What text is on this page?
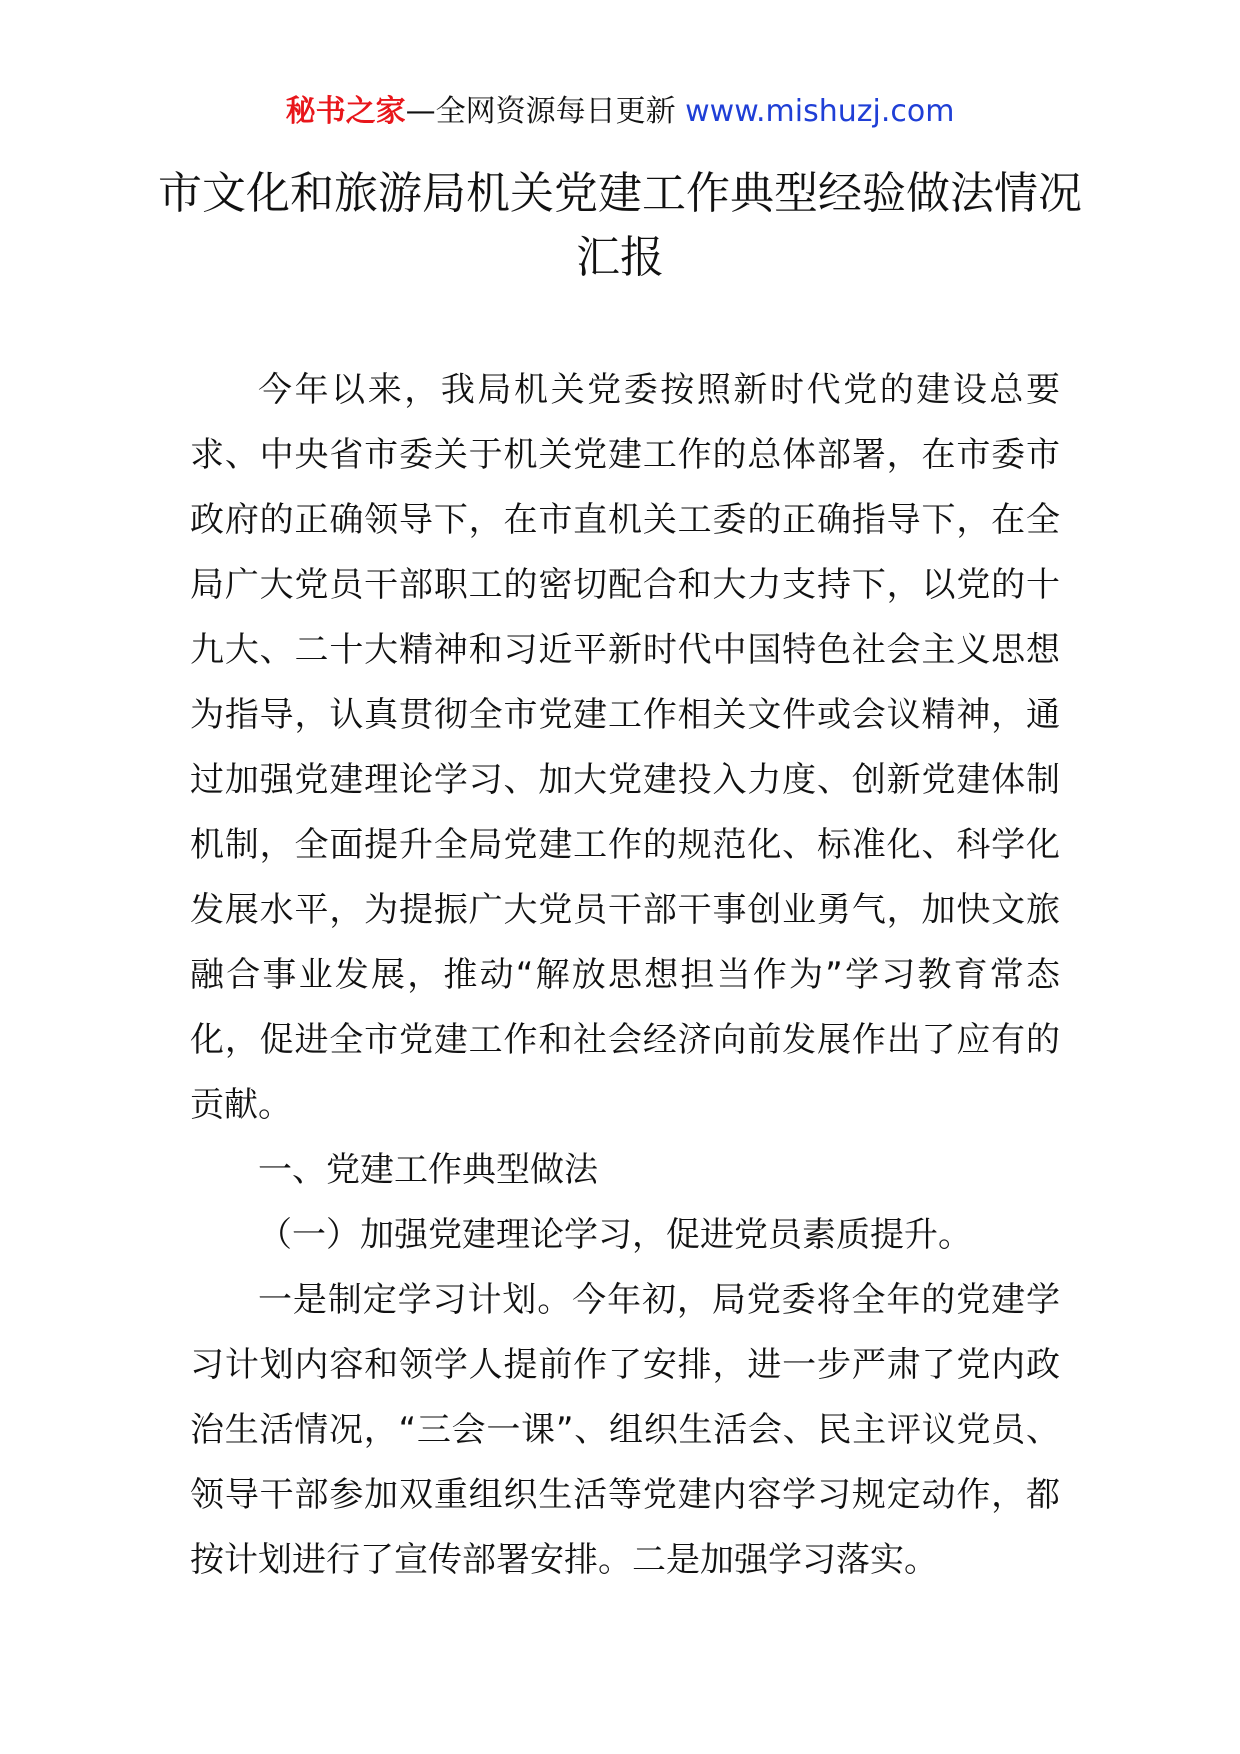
秘书之家—全网资源每日更新 www.mishuzj.com
市文化和旅游局机关党建工作典型经验做法情况汇报

今年以来，我局机关党委按照新时代党的建设总要求、中央省市委关于机关党建工作的总体部署，在市委市政府的正确领导下，在市直机关工委的正确指导下，在全局广大党员干部职工的密切配合和大力支持下，以党的十九大、二十大精神和习近平新时代中国特色社会主义思想为指导，认真贯彻全市党建工作相关文件或会议精神，通过加强党建理论学习、加大党建投入力度、创新党建体制机制，全面提升全局党建工作的规范化、标准化、科学化发展水平，为提振广大党员干部干事创业勇气，加快文旅融合事业发展，推动“解放思想担当作为”学习教育常态化，促进全市党建工作和社会经济向前发展作出了应有的贡献。

一、党建工作典型做法

（一）加强党建理论学习，促进党员素质提升。

一是制定学习计划。今年初，局党委将全年的党建学习计划内容和领学人提前作了安排，进一步严肃了党内政治生活情况，“三会一课”、组织生活会、民主评议党员、领导干部参加双重组织生活等党建内容学习规定动作，都按计划进行了宣传部署安排。二是加强学习落实。
